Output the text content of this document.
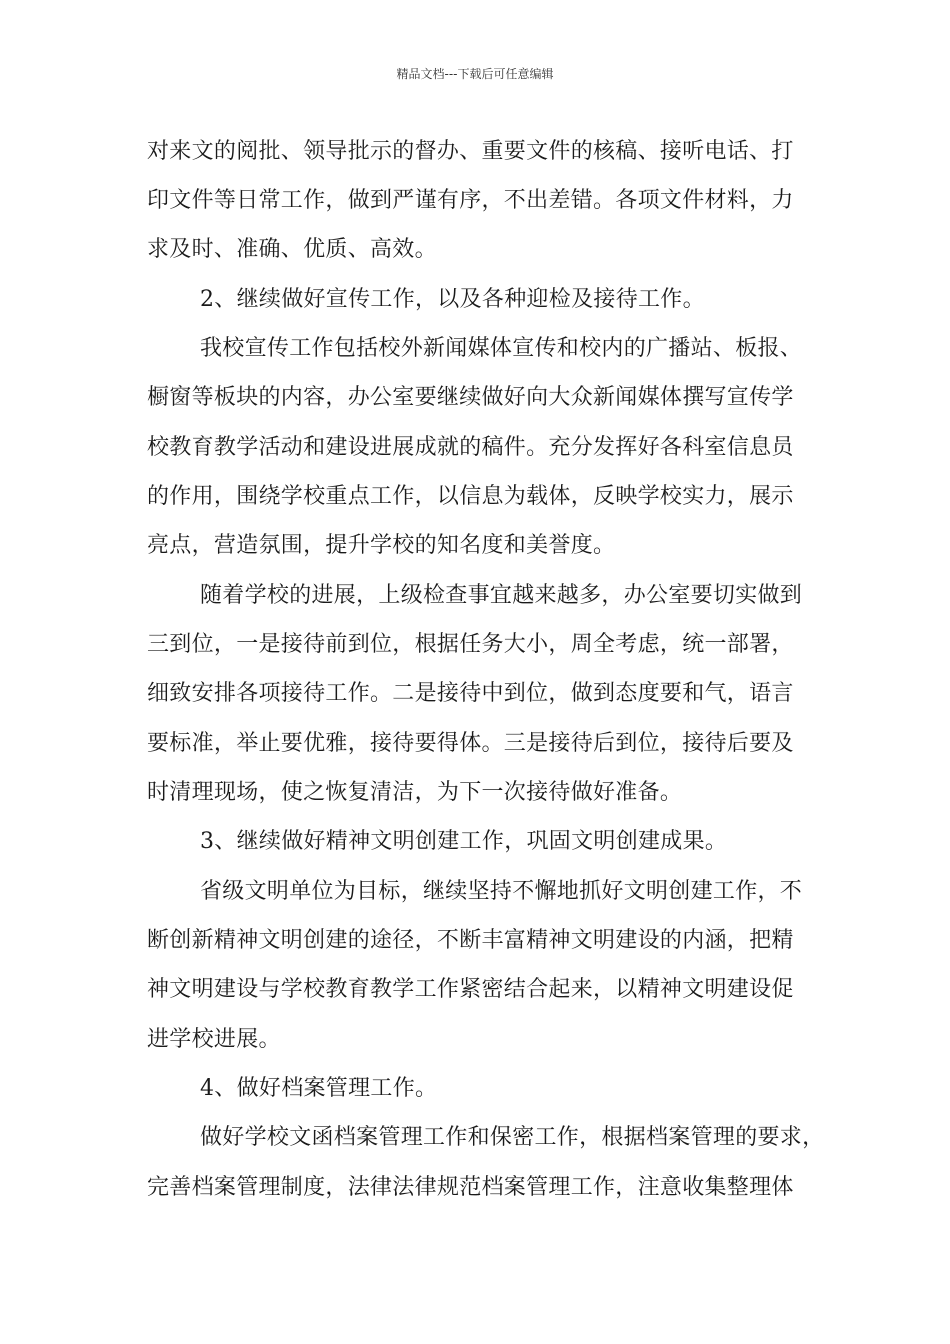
精品文档---下载后可任意编辑
对来文的阅批、领导批示的督办、重要文件的核稿、接听电话、打
印文件等日常工作，做到严谨有序，不出差错。各项文件材料，力
求及时、准确、优质、高效。
2、继续做好宣传工作，以及各种迎检及接待工作。
我校宣传工作包括校外新闻媒体宣传和校内的广播站、板报、
橱窗等板块的内容，办公室要继续做好向大众新闻媒体撰写宣传学
校教育教学活动和建设进展成就的稿件。充分发挥好各科室信息员
的作用，围绕学校重点工作，以信息为载体，反映学校实力，展示
亮点，营造氛围，提升学校的知名度和美誉度。
随着学校的进展，上级检查事宜越来越多，办公室要切实做到
三到位，一是接待前到位，根据任务大小，周全考虑，统一部署，
细致安排各项接待工作。二是接待中到位，做到态度要和气，语言
要标准，举止要优雅，接待要得体。三是接待后到位，接待后要及
时清理现场，使之恢复清洁，为下一次接待做好准备。
3、继续做好精神文明创建工作，巩固文明创建成果。
省级文明单位为目标，继续坚持不懈地抓好文明创建工作，不
断创新精神文明创建的途径，不断丰富精神文明建设的内涵，把精
神文明建设与学校教育教学工作紧密结合起来，以精神文明建设促
进学校进展。
4、做好档案管理工作。
做好学校文函档案管理工作和保密工作，根据档案管理的要求，
完善档案管理制度，法律法律规范档案管理工作，注意收集整理体
